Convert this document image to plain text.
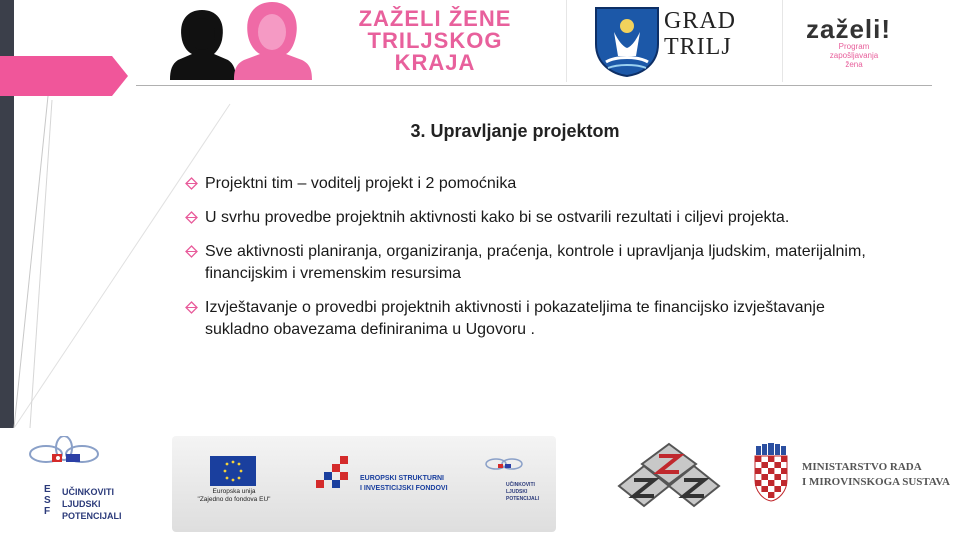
ZAŽELI ŽENE
TRILJSKOG
KRAJA
GRAD
TRILJ
zaželi!
Program
zapošljavanja
žena
3. Upravljanje projektom
Projektni tim – voditelj projekt i 2 pomoćnika
U svrhu provedbe projektnih aktivnosti kako bi se ostvarili rezultati i ciljevi projekta.
Sve aktivnosti planiranja, organiziranja, praćenja, kontrole i upravljanja ljudskim, materijalnim, financijskim i vremenskim resursima
Izvještavanje o provedbi projektnih aktivnosti i pokazateljima te financijsko izvještavanje sukladno obavezama definiranima u Ugovoru .
E
S
F
UČINKOVITI
LJUDSKI
POTENCIJALI
Europska unija
"Zajedno do fondova EU"
EUROPSKI STRUKTURNI
I INVESTICIJSKI FONDOVI	UČINKOVITI
LJUDSKI
POTENCIJALI
MINISTARSTVO RADA
I MIROVINSKOGA SUSTAVA
